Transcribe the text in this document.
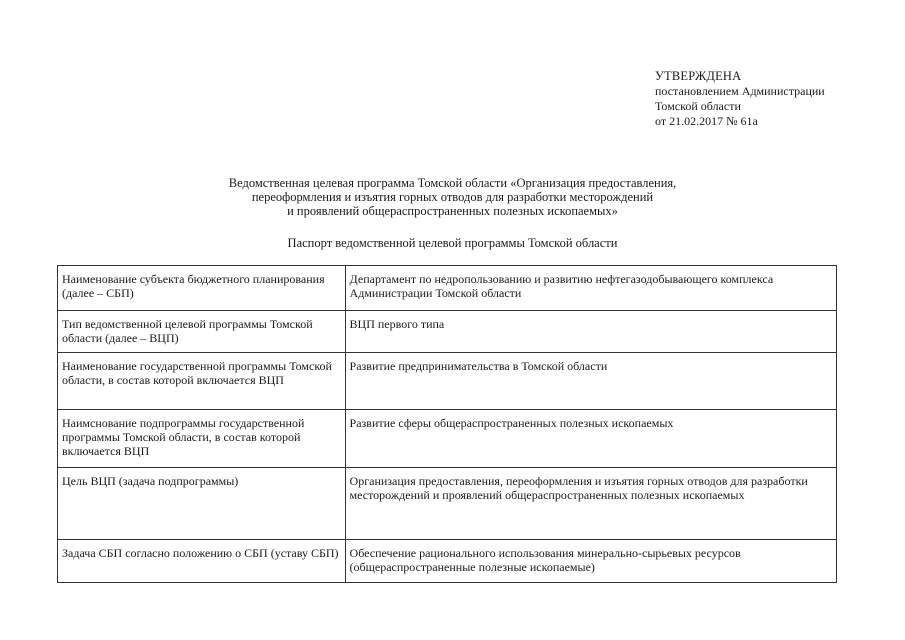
УТВЕРЖДЕНА
постановлением Администрации
Томской области
от 21.02.2017 № 61а
Ведомственная целевая программа Томской области «Организация предоставления,
переоформления и изъятия горных отводов для разработки месторождений
и проявлений общераспространенных полезных ископаемых»
Паспорт ведомственной целевой программы Томской области
Наименование субъекта бюджетного планирования (далее – СБП)	Департамент по недропользованию и развитию нефтегазодобывающего комплекса Администрации Томской области
Тип ведомственной целевой программы Томской области (далее – ВЦП)	ВЦП первого типа
Наименование государственной программы Томской области, в состав которой включается ВЦП	Развитие предпринимательства в Томской области
Наимснование подпрограммы государственной программы Томской области, в состав которой включается ВЦП	Развитие сферы общераспространенных полезных ископаемых
Цель ВЦП (задача подпрограммы)	Организация предоставления, переоформления и изъятия горных отводов для разработки месторождений и проявлений общераспространенных полезных ископаемых
Задача СБП согласно положению о СБП (уставу СБП)	Обеспечение рационального использования минерально-сырьевых ресурсов (общераспространенные полезные ископаемые)
